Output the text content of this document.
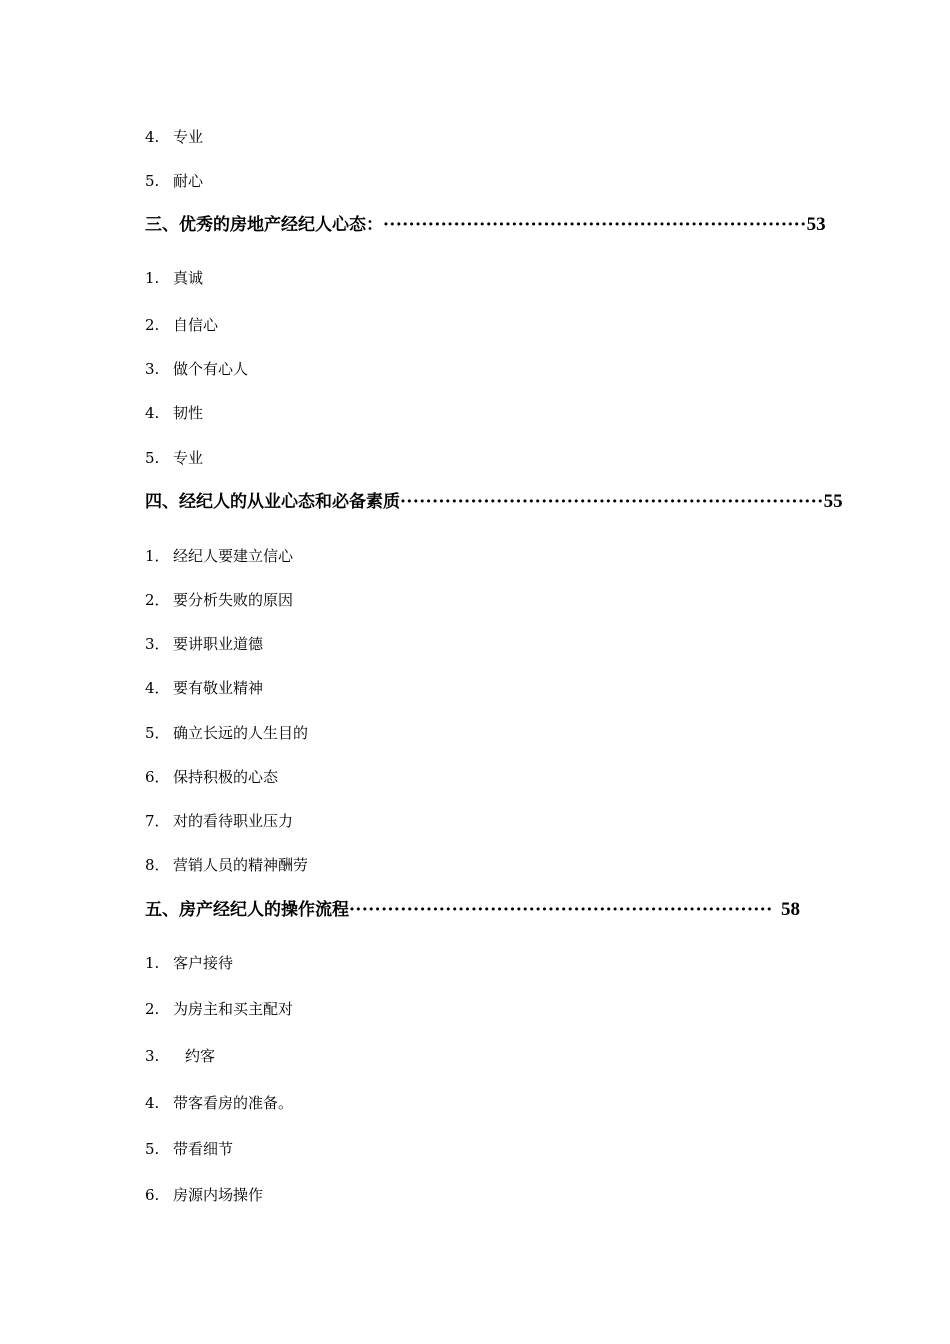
4. 专业
5. 耐心
三、优秀的房地产经纪人心态： ·································································· 53
1. 真诚
2. 自信心
3. 做个有心人
4. 韧性
5. 专业
四、经纪人的从业心态和必备素质 ·································································· 55
1． 经纪人要建立信心
2． 要分析失败的原因
3． 要讲职业道德
4． 要有敬业精神
5． 确立长远的人生目的
6． 保持积极的心态
7． 对的看待职业压力
8． 营销人员的精神酬劳
五、房产经纪人的操作流程 ·································································· 58
1. 客户接待
2. 为房主和买主配对
3. 约客
4. 带客看房的准备。
5. 带看细节
6. 房源内场操作
